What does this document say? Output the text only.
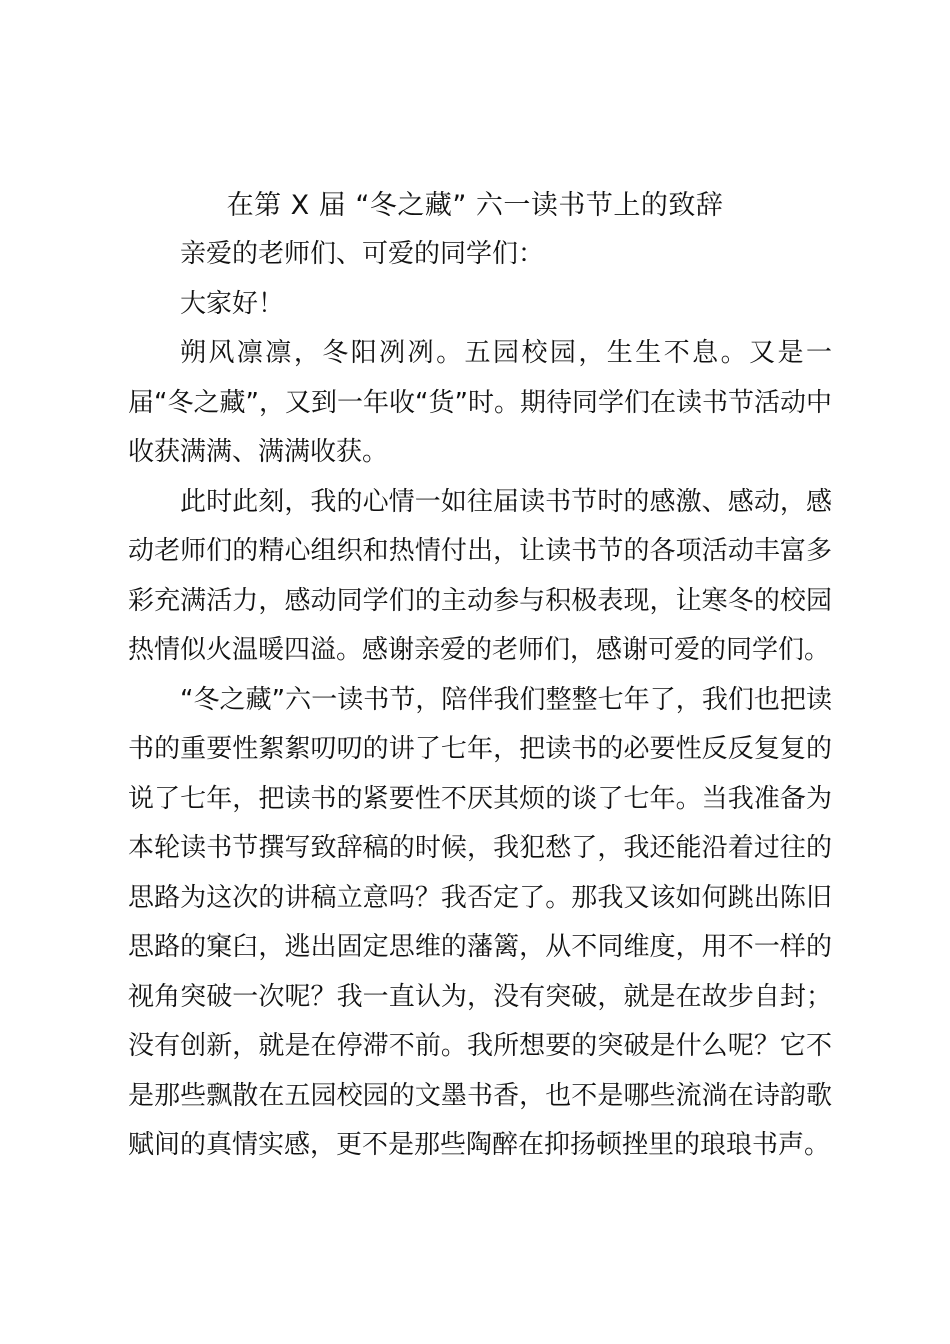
在第 X 届 “冬之藏” 六一读书节上的致辞

亲爱的老师们、可爱的同学们：

大家好！

朔风凛凛，冬阳冽冽。五园校园，生生不息。又是一届“冬之藏”，又到一年收“货”时。期待同学们在读书节活动中收获满满、满满收获。

此时此刻，我的心情一如往届读书节时的感激、感动，感动老师们的精心组织和热情付出，让读书节的各项活动丰富多彩充满活力，感动同学们的主动参与积极表现，让寒冬的校园热情似火温暖四溢。感谢亲爱的老师们，感谢可爱的同学们。

“冬之藏”六一读书节，陪伴我们整整七年了，我们也把读书的重要性絮絮叨叨的讲了七年，把读书的必要性反反复复的说了七年，把读书的紧要性不厌其烦的谈了七年。当我准备为本轮读书节撰写致辞稿的时候，我犯愁了，我还能沿着过往的思路为这次的讲稿立意吗？我否定了。那我又该如何跳出陈旧思路的窠臼，逃出固定思维的藩篱，从不同维度，用不一样的视角突破一次呢？我一直认为，没有突破，就是在故步自封；没有创新，就是在停滞不前。我所想要的突破是什么呢？它不是那些飘散在五园校园的文墨书香，也不是哪些流淌在诗韵歌赋间的真情实感，更不是那些陶醉在抑扬顿挫里的琅琅书声。
